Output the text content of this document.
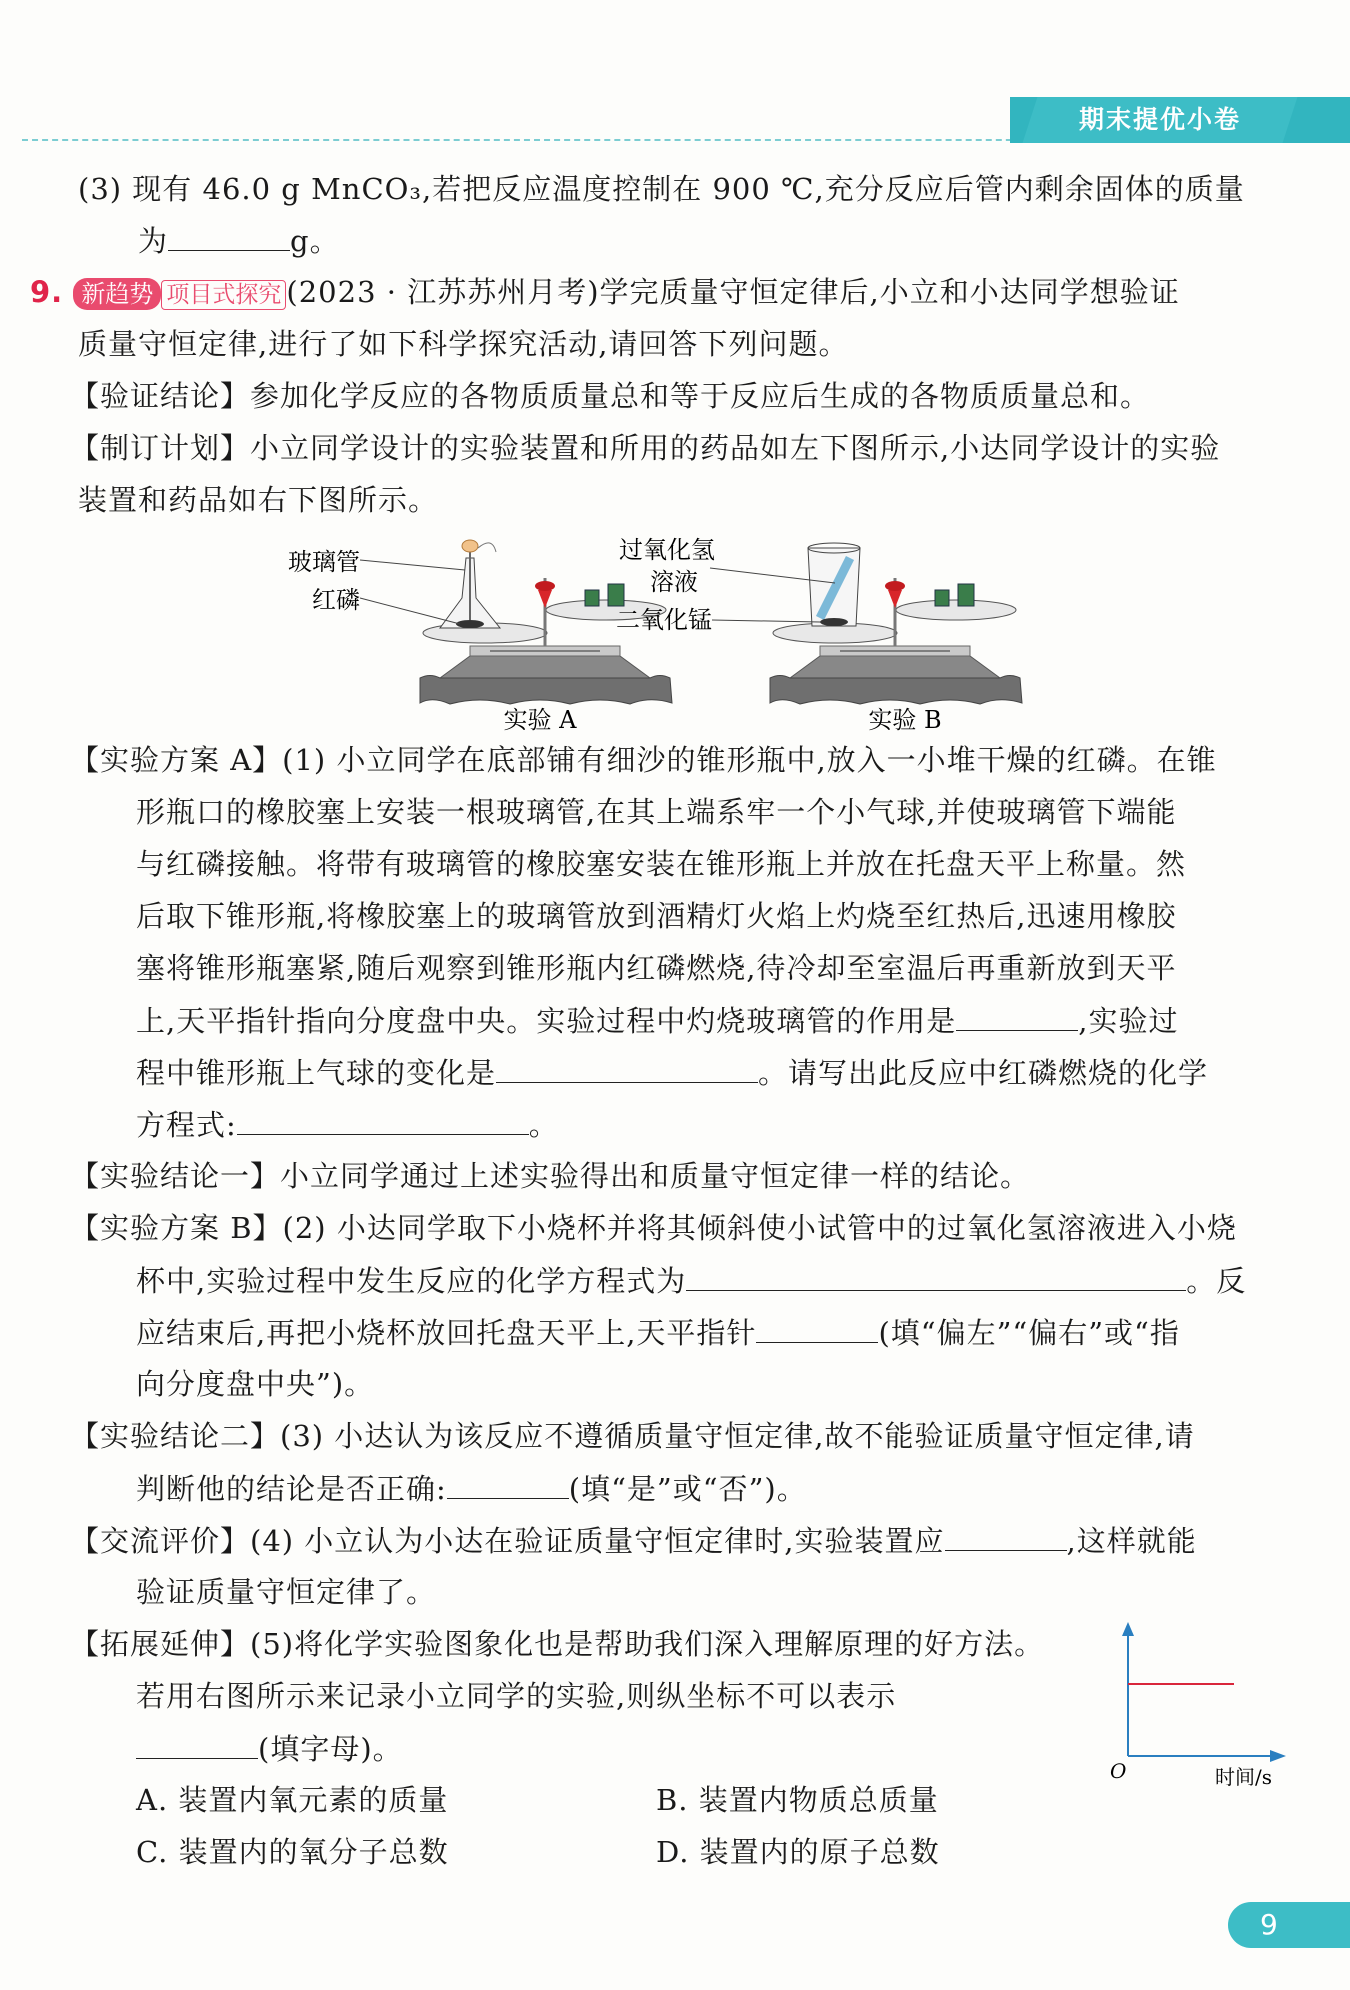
期末提优小卷
(3) 现有 46.0 g MnCO₃,若把反应温度控制在 900 ℃,充分反应后管内剩余固体的质量
为	g。
9. 新趋势 项目式探究 (2023 · 江苏苏州月考)学完质量守恒定律后,小立和小达同学想验证
质量守恒定律,进行了如下科学探究活动,请回答下列问题。
【验证结论】参加化学反应的各物质质量总和等于反应后生成的各物质质量总和。
【制订计划】小立同学设计的实验装置和所用的药品如左下图所示,小达同学设计的实验
装置和药品如右下图所示。
玻璃管
红磷
实验 A
过氧化氢
溶液
二氧化锰
实验 B
【实验方案 A】(1) 小立同学在底部铺有细沙的锥形瓶中,放入一小堆干燥的红磷。在锥
形瓶口的橡胶塞上安装一根玻璃管,在其上端系牢一个小气球,并使玻璃管下端能
与红磷接触。将带有玻璃管的橡胶塞安装在锥形瓶上并放在托盘天平上称量。然
后取下锥形瓶,将橡胶塞上的玻璃管放到酒精灯火焰上灼烧至红热后,迅速用橡胶
塞将锥形瓶塞紧,随后观察到锥形瓶内红磷燃烧,待冷却至室温后再重新放到天平
上,天平指针指向分度盘中央。实验过程中灼烧玻璃管的作用是	,实验过
程中锥形瓶上气球的变化是	。请写出此反应中红磷燃烧的化学
方程式:	。
【实验结论一】小立同学通过上述实验得出和质量守恒定律一样的结论。
【实验方案 B】(2) 小达同学取下小烧杯并将其倾斜使小试管中的过氧化氢溶液进入小烧
杯中,实验过程中发生反应的化学方程式为	。反
应结束后,再把小烧杯放回托盘天平上,天平指针	(填“偏左”“偏右”或“指
向分度盘中央”)。
【实验结论二】(3) 小达认为该反应不遵循质量守恒定律,故不能验证质量守恒定律,请
判断他的结论是否正确:	(填“是”或“否”)。
【交流评价】(4) 小立认为小达在验证质量守恒定律时,实验装置应	,这样就能
验证质量守恒定律了。
【拓展延伸】(5)将化学实验图象化也是帮助我们深入理解原理的好方法。
若用右图所示来记录小立同学的实验,则纵坐标不可以表示
(填字母)。
O	时间/s
A. 装置内氧元素的质量	B. 装置内物质总质量
C. 装置内的氧分子总数	D. 装置内的原子总数
9
